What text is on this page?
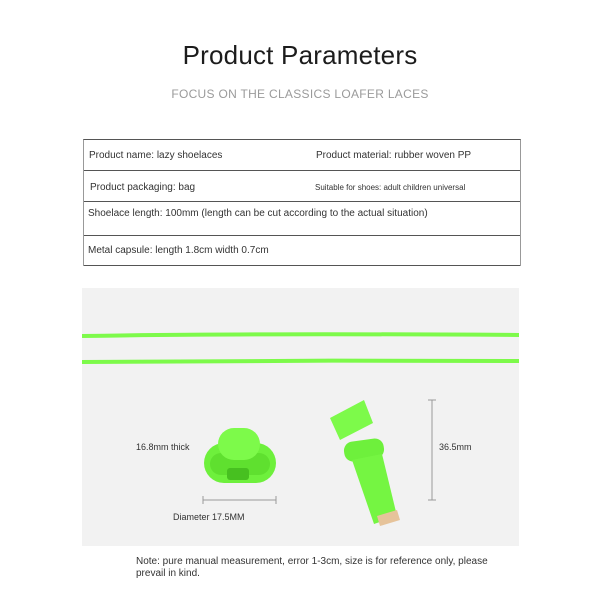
Product Parameters
FOCUS ON THE CLASSICS LOAFER LACES
Product name: lazy shoelaces	Product material: rubber woven PP
Product packaging: bag	Suitable for shoes: adult children universal
Shoelace length: 100mm (length can be cut according to the actual situation)
Metal capsule: length 1.8cm width 0.7cm
16.8mm thick
Diameter 17.5MM
36.5mm
Note: pure manual measurement, error 1-3cm, size is for reference only, please prevail in kind.
